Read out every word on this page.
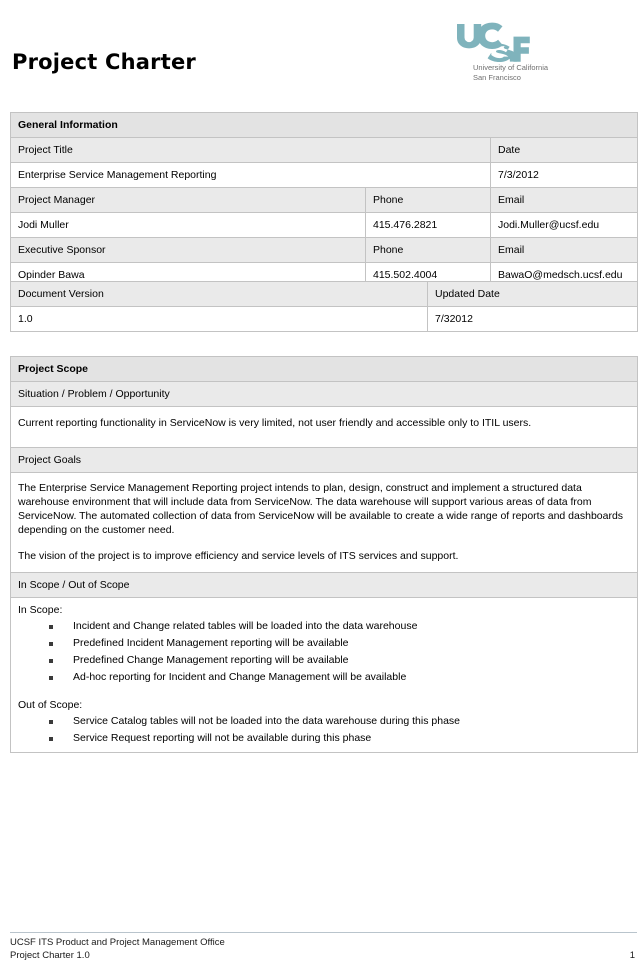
Project Charter	University of California
San Francisco
General Information		
Project Title		Date
Enterprise Service Management Reporting		7/3/2012
Project Manager	Phone	Email
Jodi Muller	415.476.2821	Jodi.Muller@ucsf.edu
Executive Sponsor	Phone	Email
Opinder Bawa	415.502.4004	BawaO@medsch.ucsf.edu
Document Version	Updated Date
1.0	7/32012
Project Scope
Situation / Problem / Opportunity
Current reporting functionality in ServiceNow is very limited, not user friendly and accessible only to ITIL users.
Project Goals

The Enterprise Service Management Reporting project intends to plan, design, construct and implement a structured data warehouse environment that will include data from ServiceNow. The data warehouse will support various areas of data from ServiceNow. The automated collection of data from ServiceNow will be available to create a wide range of reports and dashboards depending on the customer need.

The vision of the project is to improve efficiency and service levels of ITS services and support.

In Scope / Out of Scope

In Scope:

Incident and Change related tables will be loaded into the data warehouse
Predefined Incident Management reporting will be available
Predefined Change Management reporting will be available
Ad-hoc reporting for Incident and Change Management will be available

Out of Scope:

Service Catalog tables will not be loaded into the data warehouse during this phase
Service Request reporting will not be available during this phase
UCSF ITS Product and Project Management Office
Project Charter 1.0	1
